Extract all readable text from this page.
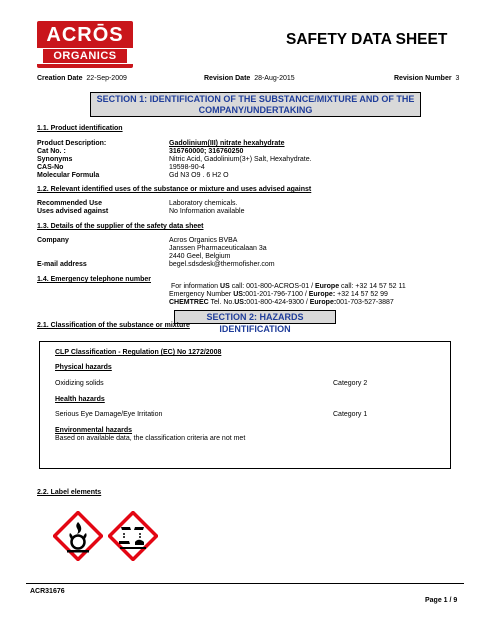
ACRŌS
ORGANICS
SAFETY DATA SHEET
Creation Date 22-Sep-2009	Revision Date 28-Aug-2015	Revision Number 3
SECTION 1: IDENTIFICATION OF THE SUBSTANCE/MIXTURE AND OF THE
COMPANY/UNDERTAKING
1.1. Product identification
Product Description:	Gadolinium(III) nitrate hexahydrate
Cat No. :	316760000; 316760250
Synonyms	Nitric Acid, Gadolinium(3+) Salt, Hexahydrate.
CAS-No	19598-90-4
Molecular Formula	Gd N3 O9 . 6 H2 O
1.2. Relevant identified uses of the substance or mixture and uses advised against
Recommended Use	Laboratory chemicals.
Uses advised against	No Information available
1.3. Details of the supplier of the safety data sheet
Company	Acros Organics BVBA
Janssen Pharmaceuticalaan 3a
2440 Geel, Belgium
E-mail address	begel.sdsdesk@thermofisher.com
1.4. Emergency telephone number
For information US call: 001-800-ACROS-01 / Europe call: +32 14 57 52 11
Emergency Number US:001-201-796-7100 / Europe: +32 14 57 52 99
CHEMTREC Tel. No.US:001-800-424-9300 / Europe:001-703-527-3887
SECTION 2: HAZARDS IDENTIFICATION
2.1. Classification of the substance or mixture
CLP Classification - Regulation (EC) No 1272/2008
Physical hazards
Oxidizing solids	Category 2
Health hazards
Serious Eye Damage/Eye Irritation	Category 1
Environmental hazards
Based on available data, the classification criteria are not met
2.2. Label elements
ACR31676
Page 1 / 9
